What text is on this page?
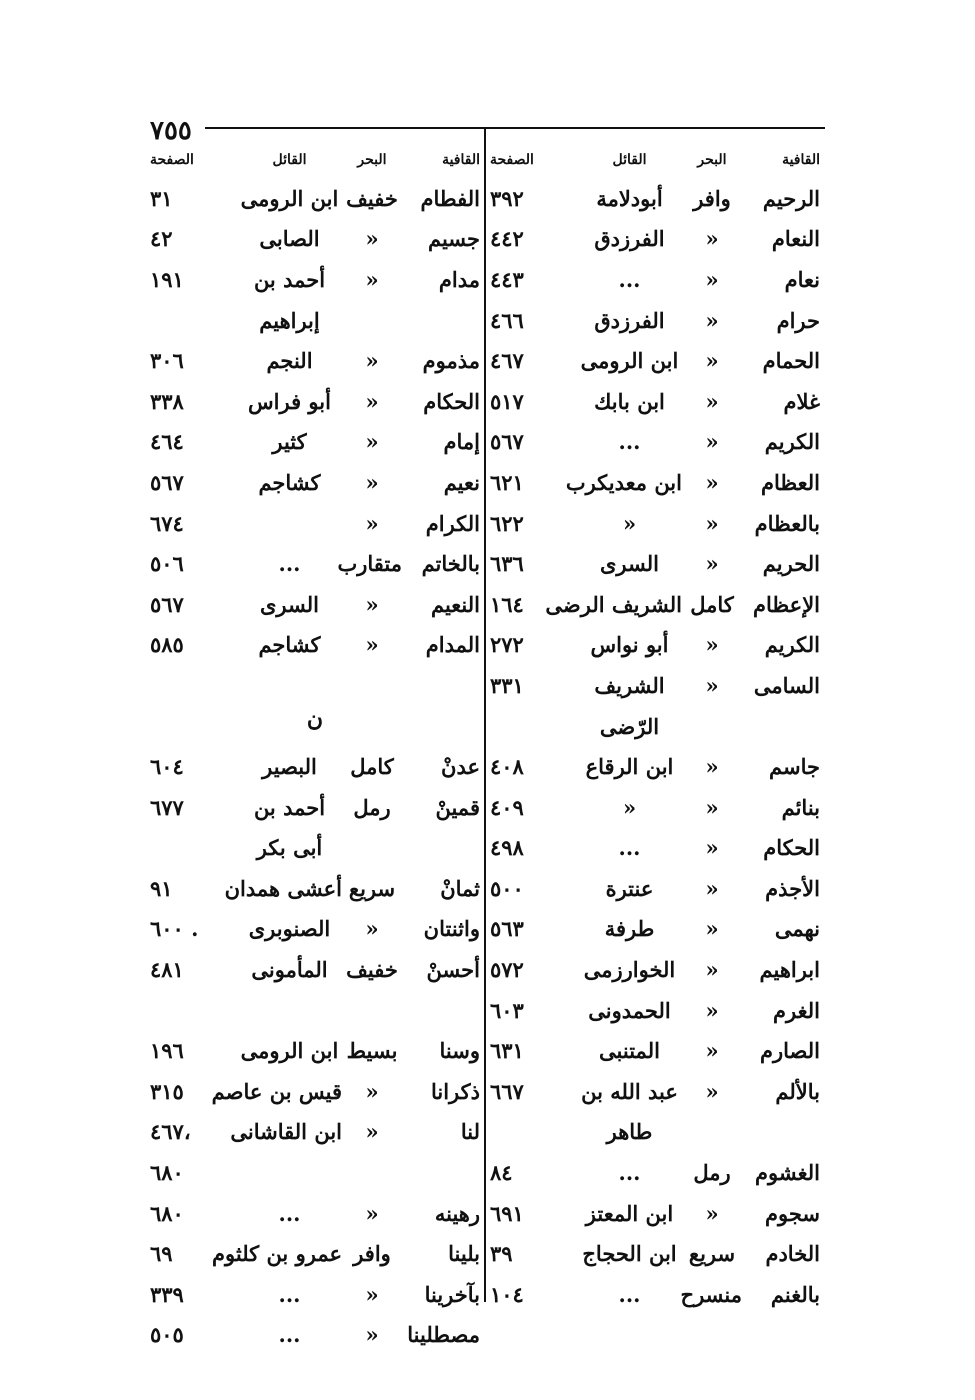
٧٥٥
القافية
البحر
القائل
الصفحة
الرحيم
وافر
أبودلامة
٣٩٢
النعام
«
الفرزدق
٤٤٢
نعام
«
...
٤٤٣
حرام
«
الفرزدق
٤٦٦
الحمام
«
ابن الرومى
٤٦٧
غلام
«
ابن بابك
٥١٧
الكريم
«
...
٥٦٧
العظام
«
ابن معديكرب
٦٢١
بالعظام
«
«
٦٢٢
الحريم
«
السرى
٦٣٦
الإعظام
كامل
الشريف الرضى
١٦٤
الكريم
«
أبو نواس
٢٧٢
السامى
«
الشريف
٣٣١
الرّضى
جاسم
«
ابن الرقاع
٤٠٨
بنائم
«
«
٤٠٩
الحكام
«
...
٤٩٨
الأجذم
«
عنترة
٥٠٠
نهمى
«
طرفة
٥٦٣
ابراهيم
«
الخوارزمى
٥٧٢
الغرم
«
الحمدونى
٦٠٣
الصارم
«
المتنبى
٦٣١
بالألم
«
عبد الله بن
٦٦٧
طاهر
الغشوم
رمل
...
٨٤
سجوم
«
ابن المعتز
٦٩١
الخادم
سريع
ابن الحجاج
٣٩
بالغنم
منسرح
...
١٠٤
القافية
البحر
القائل
الصفحة
الفطام
خفيف
ابن الرومى
٣١
جسيم
«
الصابى
٤٢
مدام
«
أحمد بن
١٩١
إبراهيم
مذموم
«
النجم
٣٠٦
الحكام
«
أبو فراس
٣٣٨
إمام
«
كثير
٤٦٤
نعيم
«
كشاجم
٥٦٧
الكرام
«
٦٧٤
بالخاتم
متقارب
...
٥٠٦
النعيم
«
السرى
٥٦٧
المدام
«
كشاجم
٥٨٥
ن
عدنْ
كامل
البصير
٦٠٤
قمينْ
رمل
أحمد بن
٦٧٧
أبى بكر
ثمانْ
سريع
أعشى همدان
٩١
واثنتان
«
الصنوبرى
٦٠٠ .
أحسنْ
خفيف
المأمونى
٤٨١
وسنا
بسيط
ابن الرومى
١٩٦
ذكرانا
«
قيس بن عاصم
٣١٥
لنا
«
ابن القاشانى
٤٦٧،
٦٨٠
رهينه
«
...
٦٨٠
بلينا
وافر
عمرو بن كلثوم
٦٩
بآخرينا
«
...
٣٣٩
مصطلينا
«
...
٥٠٥
